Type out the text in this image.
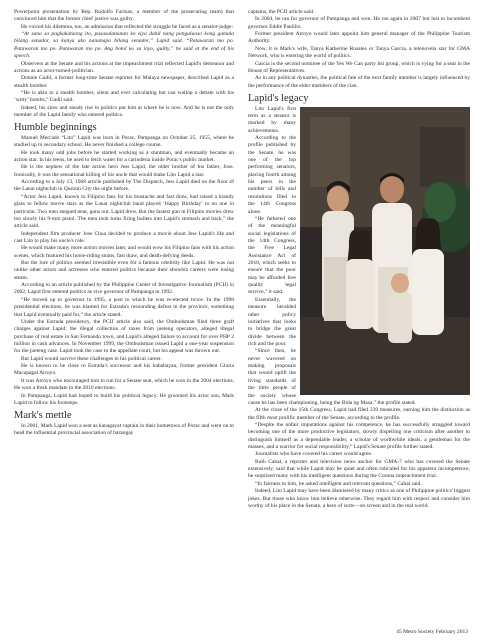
Powerpoint presentation by Rep. Rodolfo Farinas, a member of the prosecuting team) that convinced him that the former chief justice was guilty.

He voiced his dilemma, too, an admission that reflected the struggle he faced as a senator-judge:

“At sana sa pagkakataong ito, pasasalamatan ko siya dahil nang pangulaoso kong gamala bilang senador, sa kanya ako nananapa bilang senador,” Lapid said. “Patawaran mo po. Patawaran mo po. Patawaran mo po. Ang botol ko sa inyo, guilty,” he said at the end of his speech.

Observers at the Senate and his actions at the impeachment trial reflected Lapid's demeanor and actions as an actor-turned-politician.

Donnie Gadil, a former long-time Senate reporter for Malaya newspaper, described Lapid as a stealth bomber.

“He is akin to a stealth bomber, silent and ever calculating but can wallop a debate with his ‘witty’ bombs,” Gadil said.

Indeed, his slow and steady rise in politics put him at where he is now. And he is not the only member of the Lapid family who entered politics.

Humble beginnings

Manuel Mercado “Lito” Lapid was born in Porac, Pampanga on October 25, 1955, where he studied up to secondary school. He never finished a college course.

He took many odd jobs before he started working as a stuntman, and eventually became an action star. In his teens, he used to fetch water for a carinderia inside Porac's public market.

He is the nephew of the late action hero Jess Lapid, the older brother of his father, Jose. Ironically, it was the sensational killing of his uncle that would make Lito Lapid a star.

According to a July 13, 1968 article published by The Dispatch, Jess Lapid died on the floor of the Lanai nightclub in Quezon City the night before.

“Actor Jess Lapid, known to Filipino fans for his mustache and fast draw, had raised a brandy glass to fellow movie stars as the Lanai nightclub band played ‘Happy Birthday’ to no one in particular. Two men stepped near, guns out. Lapid drew. But the fastest gun in Filipino movies drew too slowly his 9-mm pistol. The men took turns firing bullets into Lapid's stomach and back,” the article said.

Independent film producer Jose Chua decided to produce a movie about Jess Lapid's life and cast Lito to play his uncle's role.

He would make many more action movies later, and would wow his Filipino fans with his action scenes, which featured his horse-riding stunts, fast draw, and death-defying deeds.

But the lure of politics seemed irresistible even for a famous celebrity like Lapid. He was not unlike other actors and actresses who entered politics because their showbiz careers were losing steam.

According to an article published by the Philippine Center of Investigative Journalism (PCIJ) in 2002, Lapid first entered politics as vice governor of Pampanga in 1992.

“He moved up to governor in 1995, a post to which he was re-elected twice. In the 1998 presidential elections, he was blamed for Estrada's resounding defeat in the province, something that Lapid eventually paid for,” the article stated.

Under the Estrada presidency, the PCIJ article also said, the Ombudsman filed three graft charges against Lapid: the illegal collection of taxes from jueteng operators, alleged illegal purchase of real estate in San Fernando town, and Lapid's alleged failure to account for over PHP 2 million in cash advances. In November 1999, the Ombudsman issued Lapid a one-year suspension for the jueteng case. Lapid took the case to the appellate court, but his appeal was thrown out.

But Lapid would survive these challenges to his political career.

He is known to be close to Estrada's successor and his kababayan, former president Gloria Macapagal Arroyo.

It was Arroyo who encouraged him to run for a Senate seat, which he won in the 2004 elections. He won a fresh mandate in the 2010 elections.

In Pampanga, Lapid had hoped to build his political legacy. He groomed his actor son, Mark Lapid to follow his footsteps.

Mark's mettle

In 2001, Mark Lapid won a seat as kanagayat captain in their hometown of Porac and went on to head the influential provincial association of barangay

captains, the PCIJ article said.

In 2004, he ran for governor of Pampanga and won. He ran again in 2007 but lost to incumbent governor Eddie Panlilio.

Former president Arroyo would later appoint him general manager of the Philippine Tourism Authority.

Now, it is Mark's wife, Tanya Katherine Rosales or Tanya Garcia, a telenovela star for GMA Network, who is entering the world of politics.

Garcia is the second nominee of the Yes We Can party list group, which is vying for a seat in the House of Representatives.

As in any political dynasties, the political fate of the next family member is largely influenced by the performance of the elder members of the clan.

Lapid's legacy

Lito Lapid's first term as a senator is marked by many achievements.

According to the profile published by the Senate, he was one of the top performing senators, placing fourth among his peers in the number of bills and resolutions filed in the 14th Congress alone.

“He fathered one of the meaningful social legislations of the 14th Congress, the Free Legal Assistance Act of 2010, which seeks to ensure that the poor may be afforded free quality legal service,” it said.

Essentially, the measure heralded other policy initiatives that looks to bridge the great divide between the rich and the poor.

“Since then, he never wavered on making proposals that would uplift the living standards of the little people of the society whose cause he has been championing, being the Bida ng Masa,” the profile stated.

At the close of the 15th Congress, Lapid had filed 239 measures, earning him the distinction as the fifth most prolific member of the Senate, according to the profile.

“Despite the unfair imputations against his competence, he has successfully struggled toward becoming one of the more productive legislators, slowly dispelling one criticism after another to distinguish himself as a dependable leader, a scholar of worthwhile ideals, a gentleman for the masses, and a warrior for social responsibility,” Lapid's Senate profile further stated.

Journalists who have covered his career would agree.

Ruth Cabal, a reporter and television news anchor for GMA-7 who has covered the Senate extensively, said that while Lapid may be quiet and often ridiculed for his apparent incompetence, he surprised many with his intelligent questions during the Corona impeachment trial.

“In fairness to him, he asked intelligent and relevant questions,” Cabal said.

Indeed, Lito Lapid may have been dismissed by many critics as one of Philippine politics' biggest jokes. But those who know him believe otherwise. They regard him with respect and consider him worthy of his place in the Senate, a hero of sorts—on screen and in the real world.

45 Metro Society February 2013
